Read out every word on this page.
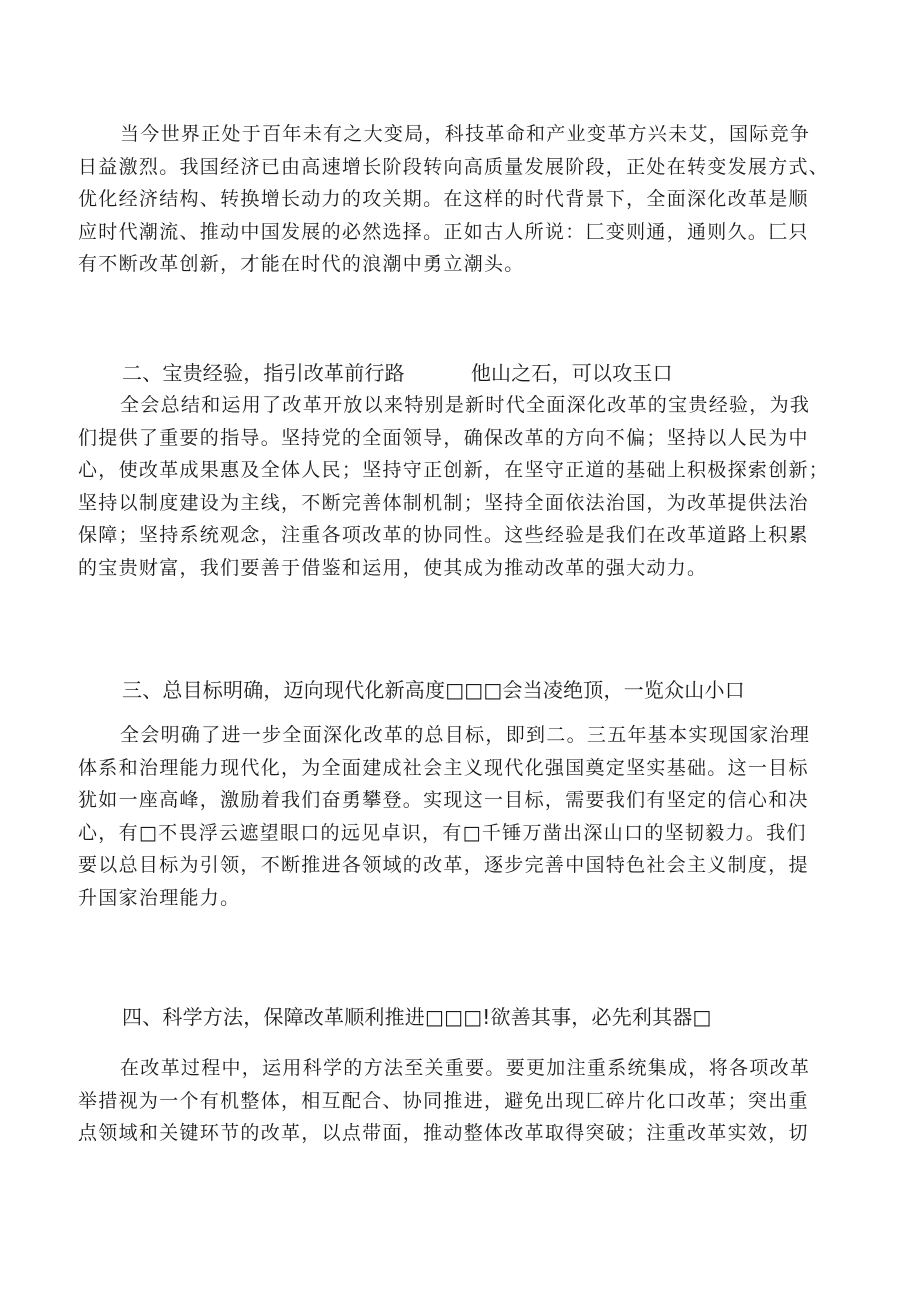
当今世界正处于百年未有之大变局，科技革命和产业变革方兴未艾，国际竞争
日益激烈。我国经济已由高速增长阶段转向高质量发展阶段，正处在转变发展方式、
优化经济结构、转换增长动力的攻关期。在这样的时代背景下，全面深化改革是顺
应时代潮流、推动中国发展的必然选择。正如古人所说：匚变则通，通则久。匚只
有不断改革创新，才能在时代的浪潮中勇立潮头。
二、宝贵经验，指引改革前行路	他山之石，可以攻玉口
全会总结和运用了改革开放以来特别是新时代全面深化改革的宝贵经验，为我
们提供了重要的指导。坚持党的全面领导，确保改革的方向不偏；坚持以人民为中
心，使改革成果惠及全体人民；坚持守正创新，在坚守正道的基础上积极探索创新；
坚持以制度建设为主线，不断完善体制机制；坚持全面依法治国，为改革提供法治
保障；坚持系统观念，注重各项改革的协同性。这些经验是我们在改革道路上积累
的宝贵财富，我们要善于借鉴和运用，使其成为推动改革的强大动力。
三、总目标明确，迈向现代化新高度□□□会当凌绝顶，一览众山小口
全会明确了进一步全面深化改革的总目标，即到二。三五年基本实现国家治理
体系和治理能力现代化，为全面建成社会主义现代化强国奠定坚实基础。这一目标
犹如一座高峰，激励着我们奋勇攀登。实现这一目标，需要我们有坚定的信心和决
心，有□不畏浮云遮望眼口的远见卓识，有□千锤万凿出深山口的坚韧毅力。我们
要以总目标为引领，不断推进各领域的改革，逐步完善中国特色社会主义制度，提
升国家治理能力。
四、科学方法，保障改革顺利推进□□□!欲善其事，必先利其器□
在改革过程中，运用科学的方法至关重要。要更加注重系统集成，将各项改革
举措视为一个有机整体，相互配合、协同推进，避免出现匚碎片化口改革；突出重
点领域和关键环节的改革，以点带面，推动整体改革取得突破；注重改革实效，切
